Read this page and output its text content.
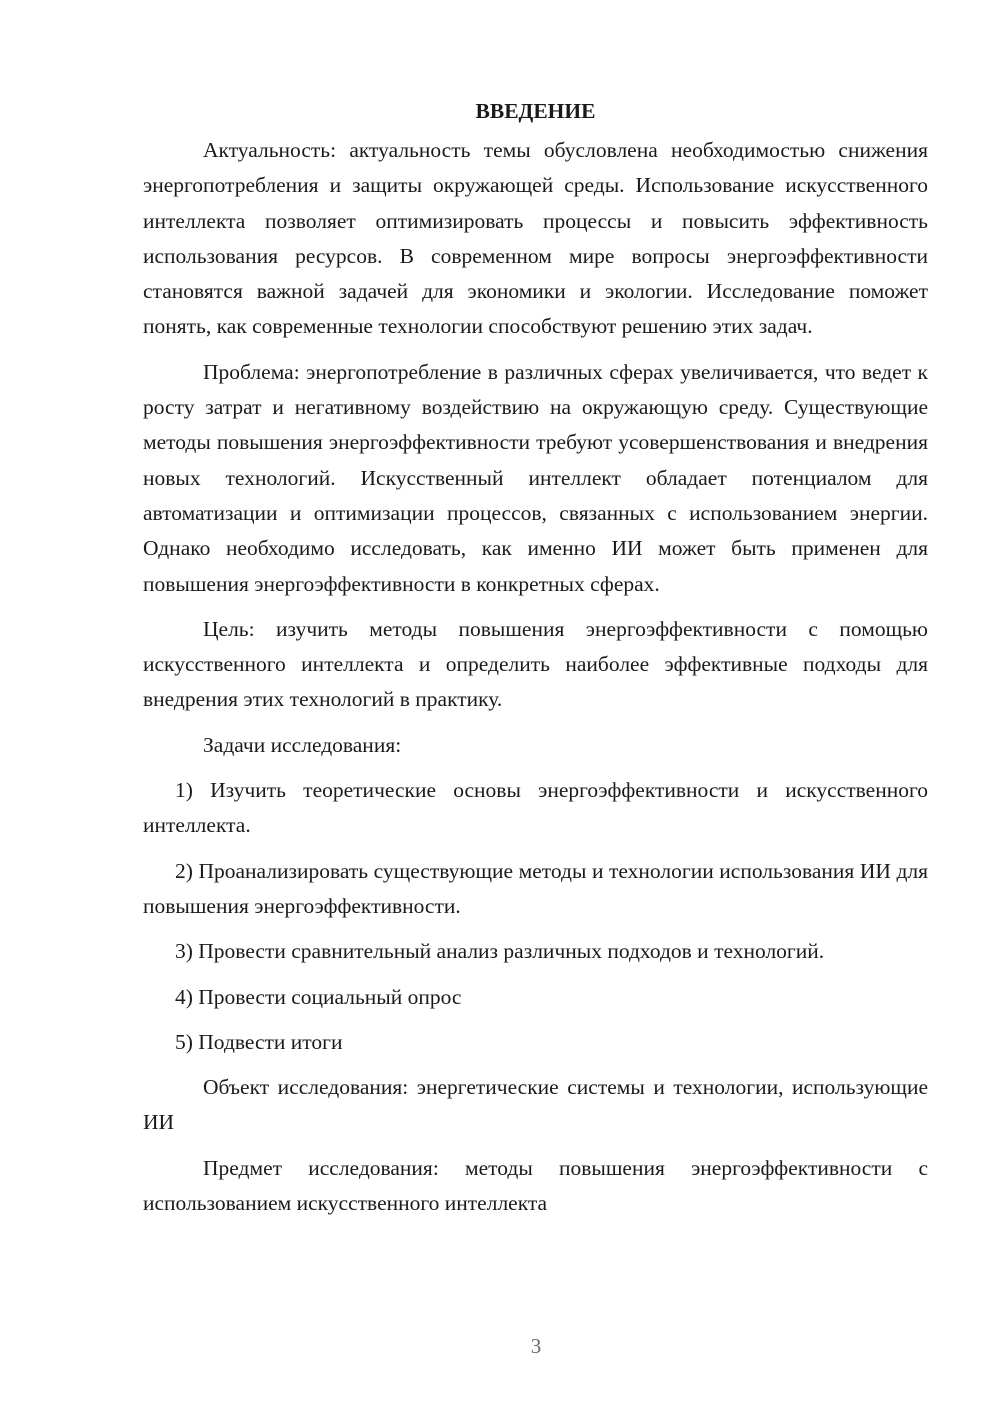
ВВЕДЕНИЕ

Актуальность: актуальность темы обусловлена необходимостью снижения энергопотребления и защиты окружающей среды. Использование искусственного интеллекта позволяет оптимизировать процессы и повысить эффективность использования ресурсов. В современном мире вопросы энергоэффективности становятся важной задачей для экономики и экологии. Исследование поможет понять, как современные технологии способствуют решению этих задач.

Проблема: энергопотребление в различных сферах увеличивается, что ведет к росту затрат и негативному воздействию на окружающую среду. Существующие методы повышения энергоэффективности требуют усовершенствования и внедрения новых технологий. Искусственный интеллект обладает потенциалом для автоматизации и оптимизации процессов, связанных с использованием энергии. Однако необходимо исследовать, как именно ИИ может быть применен для повышения энергоэффективности в конкретных сферах.

Цель: изучить методы повышения энергоэффективности с помощью искусственного интеллекта и определить наиболее эффективные подходы для внедрения этих технологий в практику.

Задачи исследования:

1) Изучить теоретические основы энергоэффективности и искусственного интеллекта.

2) Проанализировать существующие методы и технологии использования ИИ для повышения энергоэффективности.

3) Провести сравнительный анализ различных подходов и технологий.

4) Провести социальный опрос

5) Подвести итоги

Объект исследования: энергетические системы и технологии, использующие ИИ

Предмет исследования: методы повышения энергоэффективности с использованием искусственного интеллекта

3
